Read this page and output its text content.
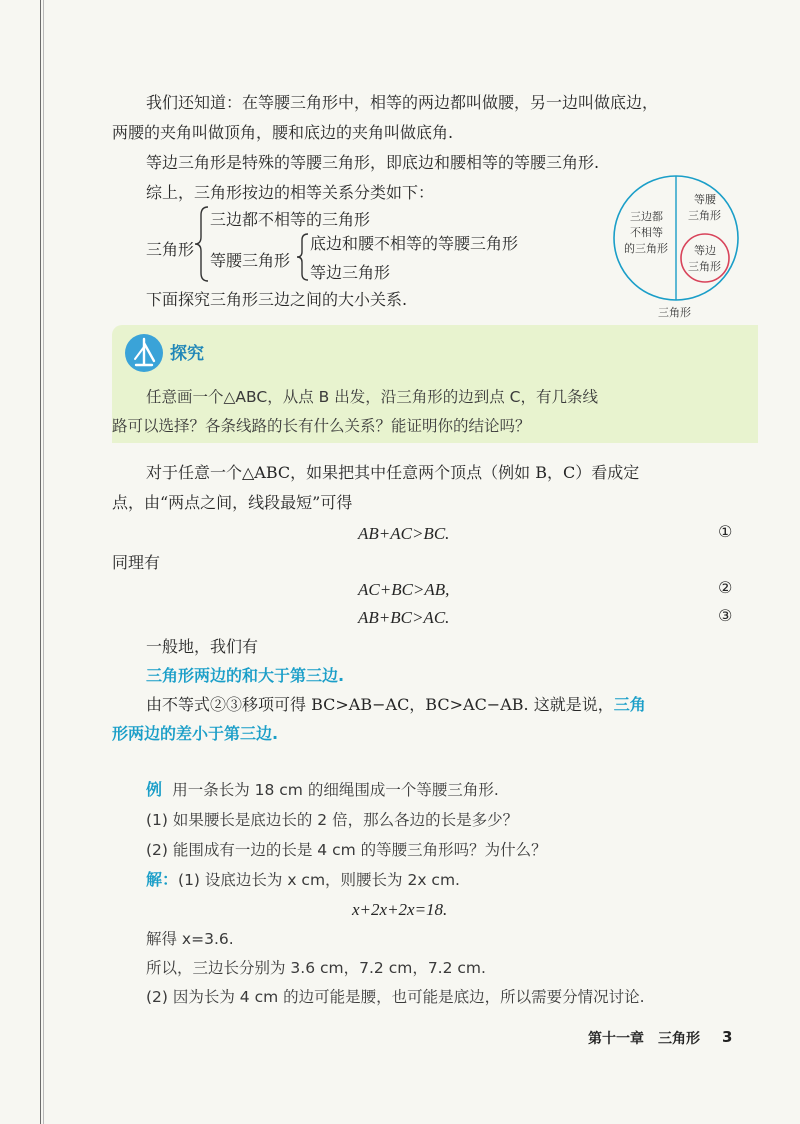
我们还知道：在等腰三角形中，相等的两边都叫做腰，另一边叫做底边，
两腰的夹角叫做顶角，腰和底边的夹角叫做底角.
等边三角形是特殊的等腰三角形，即底边和腰相等的等腰三角形.
综上，三角形按边的相等关系分类如下：
三角形
三边都不相等的三角形
等腰三角形
底边和腰不相等的等腰三角形
等边三角形
三边都
不相等
的三角形
等腰
三角形
等边
三角形
三角形
下面探究三角形三边之间的大小关系.
探究
任意画一个△ABC，从点 B 出发，沿三角形的边到点 C，有几条线
路可以选择？各条线路的长有什么关系？能证明你的结论吗？
对于任意一个△ABC，如果把其中任意两个顶点（例如 B，C）看成定
点，由“两点之间，线段最短”可得
AB+AC>BC.	①
同理有
AC+BC>AB,	②
AB+BC>AC.	③
一般地，我们有
三角形两边的和大于第三边.
由不等式②③移项可得 BC>AB−AC，BC>AC−AB. 这就是说，三角
形两边的差小于第三边.
例 用一条长为 18 cm 的细绳围成一个等腰三角形.
(1) 如果腰长是底边长的 2 倍，那么各边的长是多少？
(2) 能围成有一边的长是 4 cm 的等腰三角形吗？为什么？
解：(1) 设底边长为 x cm，则腰长为 2x cm.
x+2x+2x=18.
解得 x=3.6.
所以，三边长分别为 3.6 cm，7.2 cm，7.2 cm.
(2) 因为长为 4 cm 的边可能是腰，也可能是底边，所以需要分情况讨论.
第十一章　三角形 3
